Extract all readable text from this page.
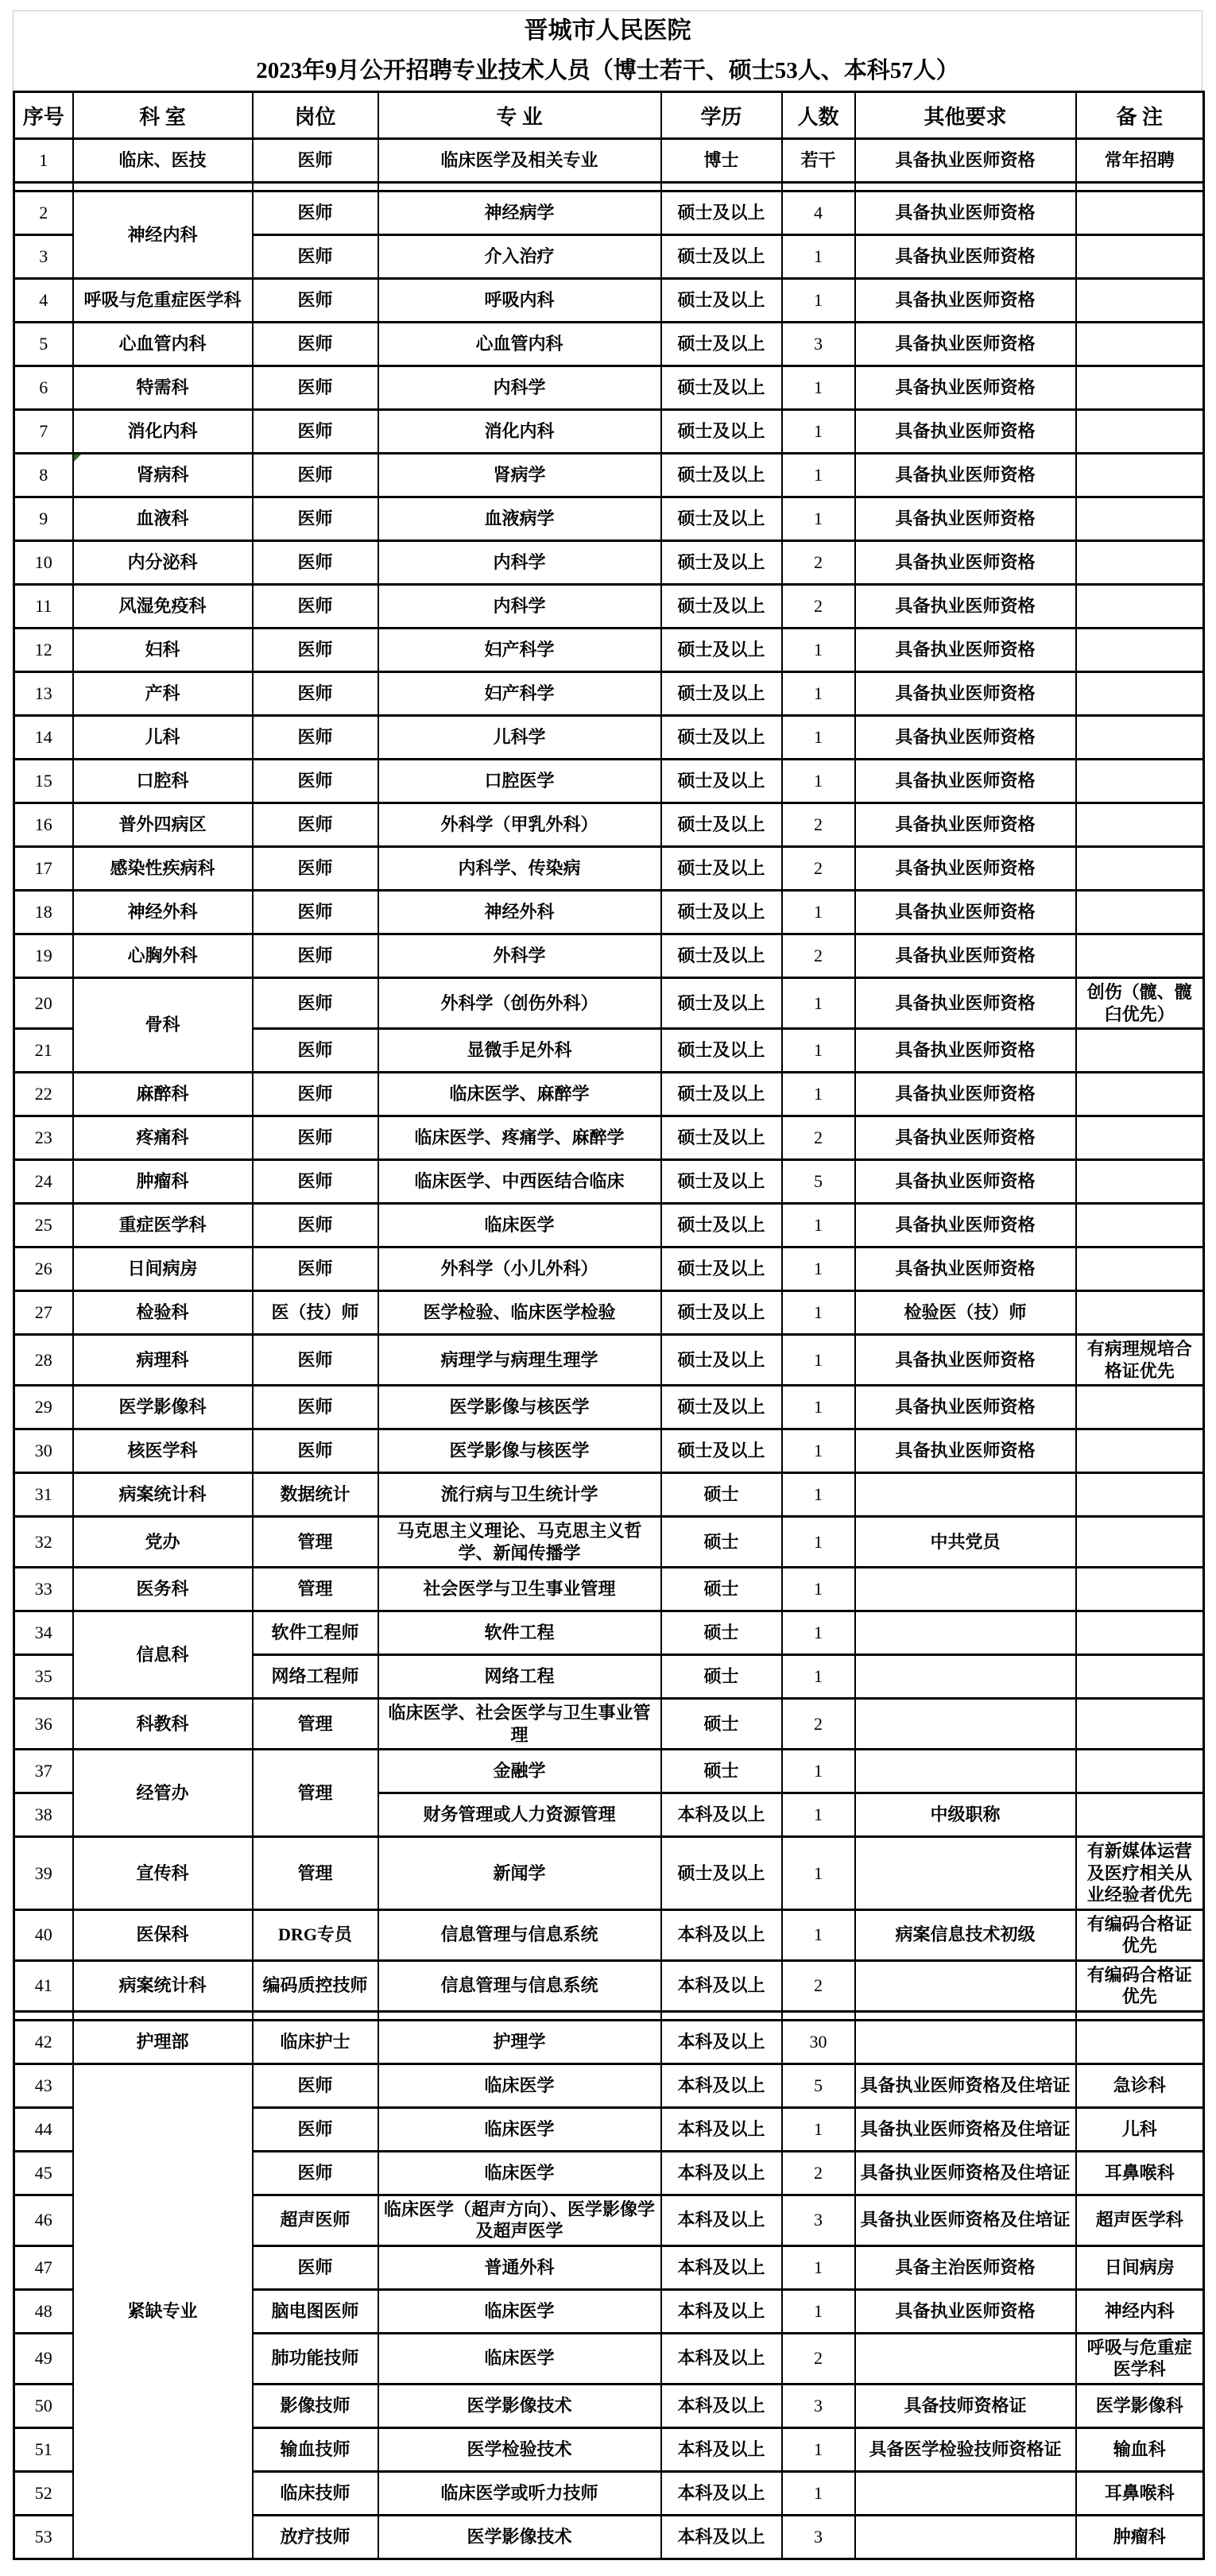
晋城市人民医院
2023年9月公开招聘专业技术人员（博士若干、硕士53人、本科57人）
序号	科 室	岗位	专 业	学历	人数	其他要求	备 注
1	临床、医技	医师	临床医学及相关专业	博士	若干	具备执业医师资格	常年招聘

2	神经内科	医师	神经病学	硕士及以上	4	具备执业医师资格	
3		医师	介入治疗	硕士及以上	1	具备执业医师资格	
4	呼吸与危重症医学科	医师	呼吸内科	硕士及以上	1	具备执业医师资格	
5	心血管内科	医师	心血管内科	硕士及以上	3	具备执业医师资格	
6	特需科	医师	内科学	硕士及以上	1	具备执业医师资格	
7	消化内科	医师	消化内科	硕士及以上	1	具备执业医师资格	
8	肾病科	医师	肾病学	硕士及以上	1	具备执业医师资格	
9	血液科	医师	血液病学	硕士及以上	1	具备执业医师资格	
10	内分泌科	医师	内科学	硕士及以上	2	具备执业医师资格	
11	风湿免疫科	医师	内科学	硕士及以上	2	具备执业医师资格	
12	妇科	医师	妇产科学	硕士及以上	1	具备执业医师资格	
13	产科	医师	妇产科学	硕士及以上	1	具备执业医师资格	
14	儿科	医师	儿科学	硕士及以上	1	具备执业医师资格	
15	口腔科	医师	口腔医学	硕士及以上	1	具备执业医师资格	
16	普外四病区	医师	外科学（甲乳外科）	硕士及以上	2	具备执业医师资格	
17	感染性疾病科	医师	内科学、传染病	硕士及以上	2	具备执业医师资格	
18	神经外科	医师	神经外科	硕士及以上	1	具备执业医师资格	
19	心胸外科	医师	外科学	硕士及以上	2	具备执业医师资格	
20	骨科	医师	外科学（创伤外科）	硕士及以上	1	具备执业医师资格	创伤（髋、髋臼优先）
21		医师	显微手足外科	硕士及以上	1	具备执业医师资格	
22	麻醉科	医师	临床医学、麻醉学	硕士及以上	1	具备执业医师资格	
23	疼痛科	医师	临床医学、疼痛学、麻醉学	硕士及以上	2	具备执业医师资格	
24	肿瘤科	医师	临床医学、中西医结合临床	硕士及以上	5	具备执业医师资格	
25	重症医学科	医师	临床医学	硕士及以上	1	具备执业医师资格	
26	日间病房	医师	外科学（小儿外科）	硕士及以上	1	具备执业医师资格	
27	检验科	医（技）师	医学检验、临床医学检验	硕士及以上	1	检验医（技）师	
28	病理科	医师	病理学与病理生理学	硕士及以上	1	具备执业医师资格	有病理规培合格证优先
29	医学影像科	医师	医学影像与核医学	硕士及以上	1	具备执业医师资格	
30	核医学科	医师	医学影像与核医学	硕士及以上	1	具备执业医师资格	
31	病案统计科	数据统计	流行病与卫生统计学	硕士	1		
32	党办	管理	马克思主义理论、马克思主义哲学、新闻传播学	硕士	1	中共党员	
33	医务科	管理	社会医学与卫生事业管理	硕士	1		
34	信息科	软件工程师	软件工程	硕士	1		
35		网络工程师	网络工程	硕士	1		
36	科教科	管理	临床医学、社会医学与卫生事业管理	硕士	2		
37	经管办	管理	金融学	硕士	1		
38			财务管理或人力资源管理	本科及以上	1	中级职称	
39	宣传科	管理	新闻学	硕士及以上	1		有新媒体运营及医疗相关从业经验者优先
40	医保科	DRG专员	信息管理与信息系统	本科及以上	1	病案信息技术初级	有编码合格证优先
41	病案统计科	编码质控技师	信息管理与信息系统	本科及以上	2		有编码合格证优先

42	护理部	临床护士	护理学	本科及以上	30		
43	紧缺专业	医师	临床医学	本科及以上	5	具备执业医师资格及住培证	急诊科
44		医师	临床医学	本科及以上	1	具备执业医师资格及住培证	儿科
45		医师	临床医学	本科及以上	2	具备执业医师资格及住培证	耳鼻喉科
46		超声医师	临床医学（超声方向）、医学影像学及超声医学	本科及以上	3	具备执业医师资格及住培证	超声医学科
47		医师	普通外科	本科及以上	1	具备主治医师资格	日间病房
48		脑电图医师	临床医学	本科及以上	1	具备执业医师资格	神经内科
49		肺功能技师	临床医学	本科及以上	2		呼吸与危重症医学科
50		影像技师	医学影像技术	本科及以上	3	具备技师资格证	医学影像科
51		输血技师	医学检验技术	本科及以上	1	具备医学检验技师资格证	输血科
52		临床技师	临床医学或听力技师	本科及以上	1		耳鼻喉科
53		放疗技师	医学影像技术	本科及以上	3		肿瘤科
